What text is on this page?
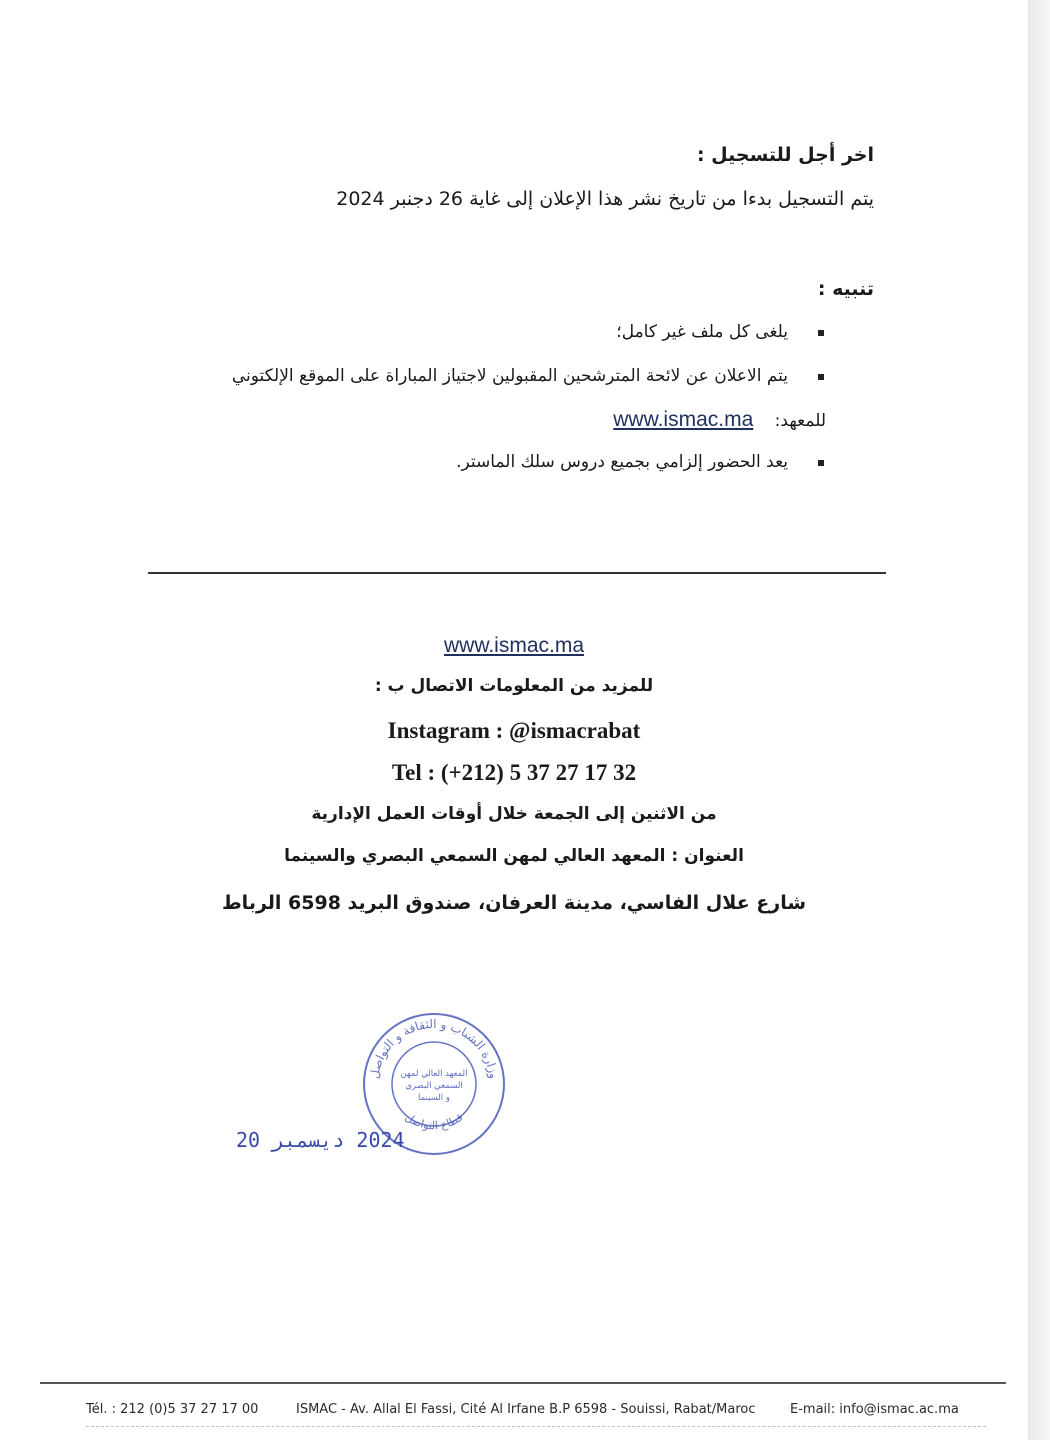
اخر أجل للتسجيل :
يتم التسجيل بدءا من تاريخ نشر هذا الإعلان إلى غاية 26 دجنبر 2024
تنبيه :
يلغى كل ملف غير كامل؛
يتم الاعلان عن لائحة المترشحين المقبولين لاجتياز المباراة على الموقع الإلكتوني
للمعهد: www.ismac.ma
يعد الحضور إلزامي بجميع دروس سلك الماستر.
www.ismac.ma
للمزيد من المعلومات الاتصال ب :
Instagram : @ismacrabat
Tel : (+212) 5 37 27 17 32
من الاثنين إلى الجمعة خلال أوقات العمل الإدارية
العنوان : المعهد العالي لمهن السمعي البصري والسينما
شارع علال الفاسي، مدينة العرفان، صندوق البريد 6598 الرباط
وزارة الشباب و الثقافة و التواصل
قطاع التواصل
المعهد العالي لمهن
السمعي البصري
و السينما
2024 ديسمبر 20
Tél. : 212 (0)5 37 27 17 00	ISMAC - Av. Allal El Fassi, Cité Al Irfane B.P 6598 - Souissi, Rabat/Maroc	E-mail: info@ismac.ac.ma
